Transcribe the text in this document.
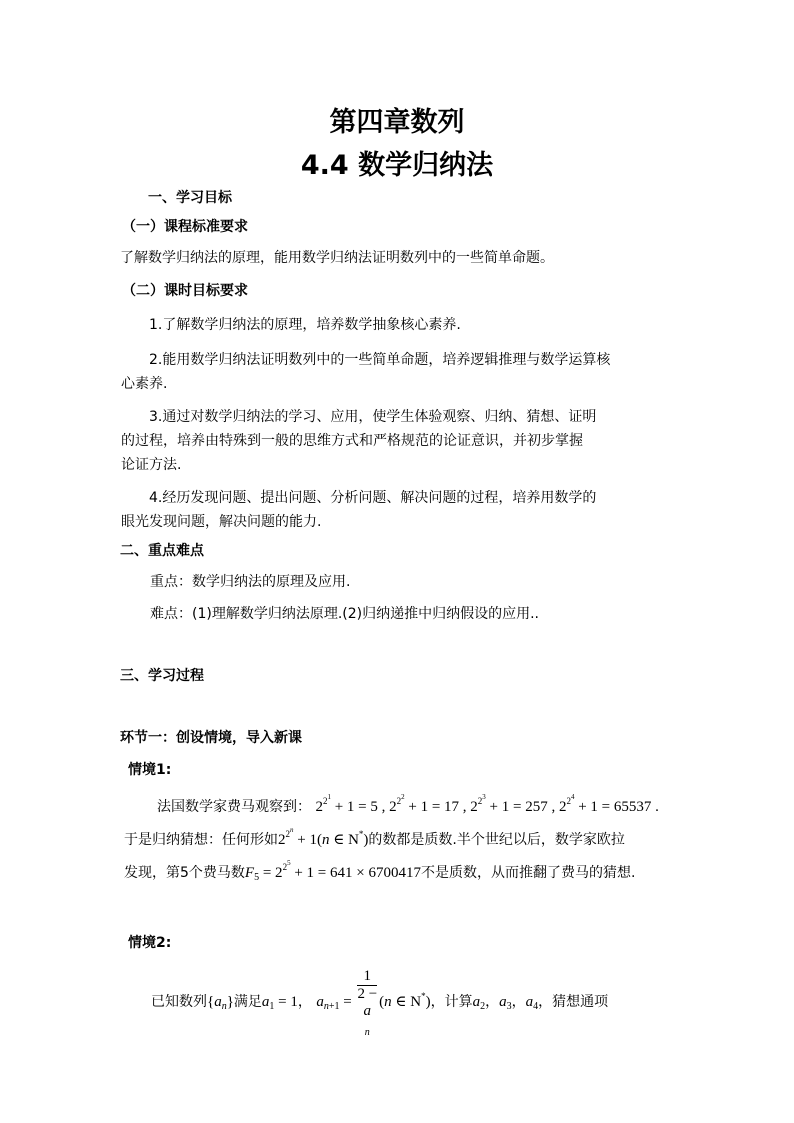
第四章数列
4.4 数学归纳法
一、学习目标
（一）课程标准要求
了解数学归纳法的原理，能用数学归纳法证明数列中的一些简单命题。
（二）课时目标要求
1.了解数学归纳法的原理，培养数学抽象核心素养.
2.能用数学归纳法证明数列中的一些简单命题，培养逻辑推理与数学运算核
心素养.
3.通过对数学归纳法的学习、应用，使学生体验观察、归纳、猜想、证明
的过程，培养由特殊到一般的思维方式和严格规范的论证意识，并初步掌握
论证方法.
4.经历发现问题、提出问题、分析问题、解决问题的过程，培养用数学的
眼光发现问题，解决问题的能力.
二、重点难点
重点：数学归纳法的原理及应用.
难点：(1)理解数学归纳法原理.(2)归纳递推中归纳假设的应用..
三、学习过程
环节一：创设情境，导入新课
情境1:
法国数学家费马观察到： $2^{2^1} + 1 = 5$ , $2^{2^2} + 1 = 17$ , $2^{2^3} + 1 = 257$ , $2^{2^4} + 1 = 65537$ .
于是归纳猜想：任何形如$2^{2^n} + 1(n$ ∈ N*)的数都是质数.半个世纪以后，数学家欧拉
发现，第5个费马数$F_5 = 2^{2^5} + 1 = 641 \times 6700417$不是质数，从而推翻了费马的猜想.
情境2:
已知数列$\{a_n\}$满足$a_1 = 1$， $a_{n+1} = 1$
2 −
a
$_n$ (n ∈ N*)，计算$a_2$，$a_3$，$a_4$，猜想通项
